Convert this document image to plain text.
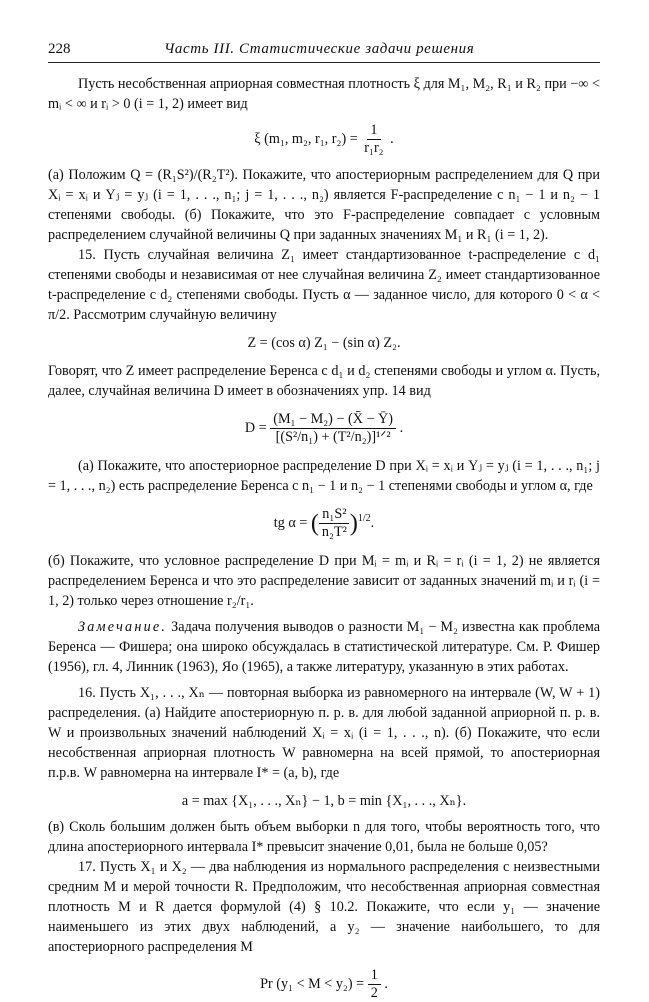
228	Часть III. Статистические задачи решения

Пусть несобственная априорная совместная плотность ξ для M₁, M₂, R₁ и R₂ при −∞ < mᵢ < ∞ и rᵢ > 0 (i = 1, 2) имеет вид

ξ (m₁, m₂, r₁, $r_2) = \frac{1}{\text{r₁r₂}}$ .

(а) Положим Q = (R₁S²)/(R₂T²). Покажите, что апостериорным распределением для Q при Xᵢ = xᵢ и Yⱼ = yⱼ (i = 1, . . ., n₁; j = 1, . . ., n₂) является F-распределение с n₁ − 1 и n₂ − 1 степенями свободы. (б) Покажите, что это F-распределение совпадает с условным распределением случайной величины Q при заданных значениях M₁ и R₁ (i = 1, 2).

15. Пусть случайная величина Z₁ имеет стандартизованное t-распределение с d₁ степенями свободы и независимая от нее случайная величина Z₂ имеет стандартизованное t-распределение с d₂ степенями свободы. Пусть α — заданное число, для которого 0 < α < π/2. Рассмотрим случайную величину

Z = (cos α) Z₁ − (sin α) Z₂.

Говорят, что Z имеет распределение Беренса с d₁ и d₂ степенями свободы и углом α. Пусть, далее, случайная величина D имеет в обозначениях упр. 14 вид

$D = \frac{\text{(M₁ − M₂) − (X̄ − Ȳ)}}{\text{[(S²/n₁) + (T²/n₂)]¹ᐟ²}}$ .

(а) Покажите, что апостериорное распределение D при Xᵢ = xᵢ и Yⱼ = yⱼ (i = 1, . . ., n₁; j = 1, . . ., n₂) есть распределение Беренса с n₁ − 1 и n₂ − 1 степенями свободы и углом α, где

tg α = ( $\frac{\text{n₁S²}}{\text{n₂T²}} )^{1/2}$.

(б) Покажите, что условное распределение D при Mᵢ = mᵢ и Rᵢ = rᵢ (i = 1, 2) не является распределением Беренса и что это распределение зависит от заданных значений mᵢ и rᵢ (i = 1, 2) только через отношение r₂/r₁.

Замечание. Задача получения выводов о разности M₁ − M₂ известна как проблема Беренса — Фишера; она широко обсуждалась в статистической литературе. См. Р. Фишер (1956), гл. 4, Линник (1963), Яо (1965), а также литературу, указанную в этих работах.

16. Пусть X₁, . . ., Xₙ — повторная выборка из равномерного на интервале (W, W + 1) распределения. (а) Найдите апостериорную п. р. в. для любой заданной априорной п. р. в. W и произвольных значений наблюдений Xᵢ = xᵢ (i = 1, . . ., n). (б) Покажите, что если несобственная априорная плотность W равномерна на всей прямой, то апостериорная п.р.в. W равномерна на интервале I* = (a, b), где

a = max {X₁, . . ., Xₙ} − 1, b = min {X₁, . . ., Xₙ}.

(в) Сколь большим должен быть объем выборки n для того, чтобы вероятность того, что длина апостериорного интервала I* превысит значение 0,01, была не больше 0,05?

17. Пусть X₁ и X₂ — два наблюдения из нормального распределения с неизвестными средним M и мерой точности R. Предположим, что несобственная априорная совместная плотность M и R дается формулой (4) § 10.2. Покажите, что если y₁ — значение наименьшего из этих двух наблюдений, а y₂ — значение наибольшего, то для апостериорного распределения M

Pr $(y_1 < M < y_2) = \frac{1}{2}$ .
